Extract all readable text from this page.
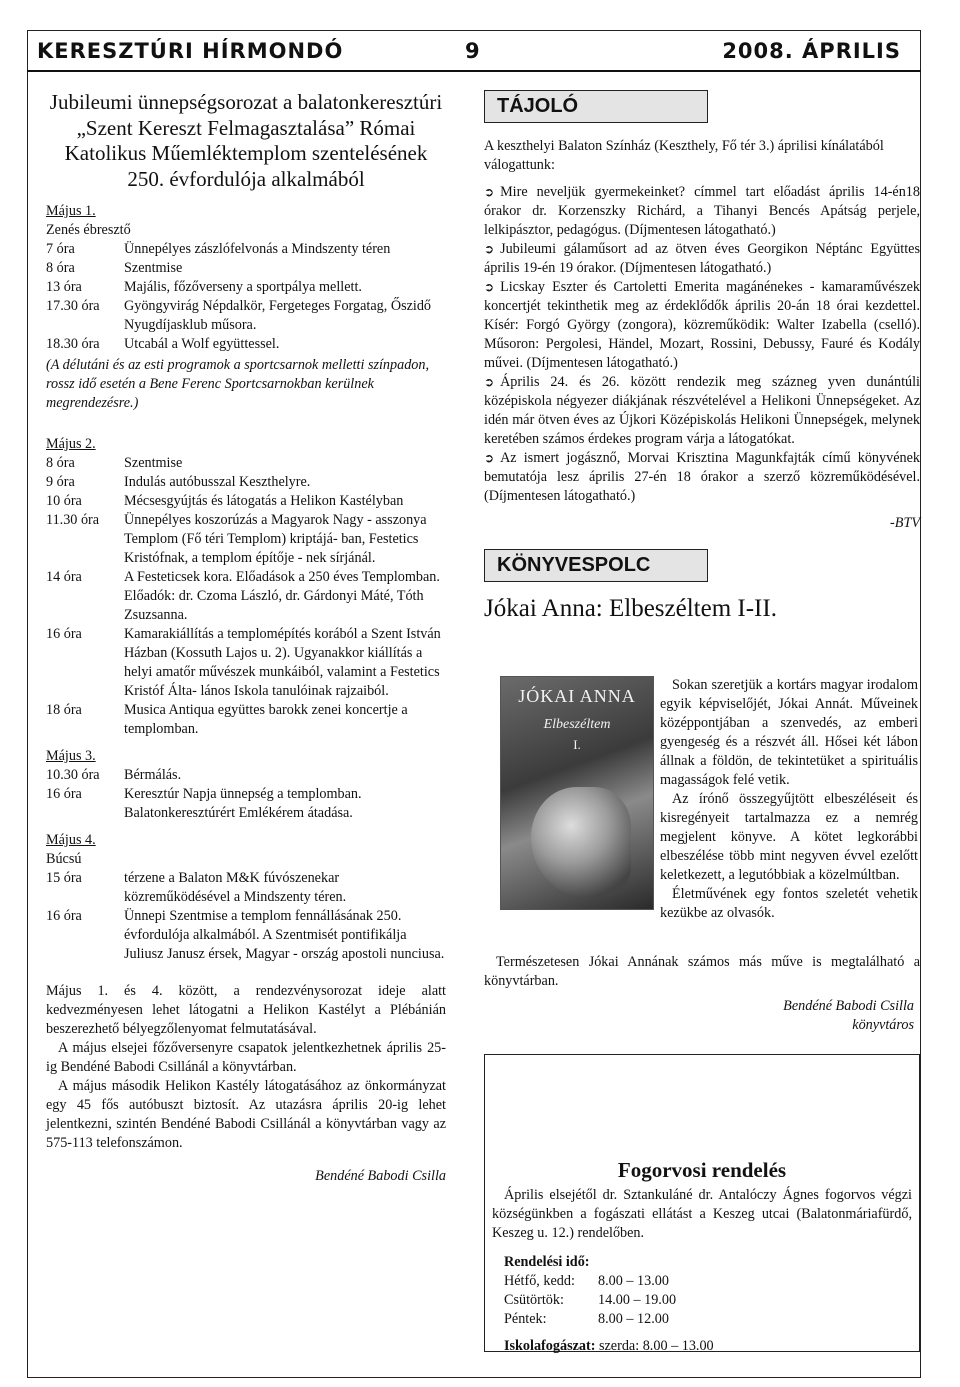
KERESZTÚRI HÍRMONDÓ	9	2008. ÁPRILIS
Jubileumi ünnepségsorozat a balatonkeresztúri „Szent Kereszt Felmagasztalása” Római Katolikus Műemléktemplom szentelésének 250. évfordulója alkalmából
Május 1.
Zenés ébresztő
7 óra	Ünnepélyes zászlófelvonás a Mindszenty téren
8 óra	Szentmise
13 óra	Majális, főzőverseny a sportpálya mellett.
17.30 óra	Gyöngyvirág Népdalkör, Fergeteges Forgatag, Őszidő Nyugdíjasklub műsora.
18.30 óra	Utcabál a Wolf együttessel.

(A délutáni és az esti programok a sportcsarnok melletti színpadon, rossz idő esetén a Bene Ferenc Sportcsarnokban kerülnek megrendezésre.)

Május 2.
8 óra	Szentmise
9 óra	Indulás autóbusszal Keszthelyre.
10 óra	Mécsesgyújtás és látogatás a Helikon Kastélyban
11.30 óra	Ünnepélyes koszorúzás a Magyarok Nagy - asszonya Templom (Fő téri Templom) kriptájá- ban, Festetics Kristófnak, a templom építője - nek sírjánál.
14 óra	A Festeticsek kora. Előadások a 250 éves Templomban. Előadók: dr. Czoma László, dr. Gárdonyi Máté, Tóth Zsuzsanna.
16 óra	Kamarakiállítás a templomépítés korából a Szent István Házban (Kossuth Lajos u. 2). Ugyanakkor kiállítás a helyi amatőr művészek munkáiból, valamint a Festetics Kristóf Álta- lános Iskola tanulóinak rajzaiból.
18 óra	Musica Antiqua együttes barokk zenei koncertje a templomban.
Május 3.
10.30 óra	Bérmálás.
16 óra	Keresztúr Napja ünnepség a templomban. Balatonkeresztúrért Emlékérem átadása.
Május 4.
Búcsú
15 óra	térzene a Balaton M&K fúvószenekar közreműködésével a Mindszenty téren.
16 óra	Ünnepi Szentmise a templom fennállásának 250. évfordulója alkalmából. A Szentmisét pontifikálja Juliusz Janusz érsek, Magyar - ország apostoli nunciusa.

Május 1. és 4. között, a rendezvénysorozat ideje alatt kedvezményesen lehet látogatni a Helikon Kastélyt a Plébánián beszerezhető bélyegzőlenyomat felmutatásával.

A május elsejei főzőversenyre csapatok jelentkezhetnek április 25-ig Bendéné Babodi Csillánál a könyvtárban.

A május második Helikon Kastély látogatásához az önkormányzat egy 45 fős autóbuszt biztosít. Az utazásra április 20-ig lehet jelentkezni, szintén Bendéné Babodi Csillánál a könyvtárban vagy az 575-113 telefonszámon.

Bendéné Babodi Csilla

TÁJOLÓ

A keszthelyi Balaton Színház (Keszthely, Fő tér 3.) áprilisi kínálatából válogattunk:

➲ Mire neveljük gyermekeinket? címmel tart előadást április 14-én18 órakor dr. Korzenszky Richárd, a Tihanyi Bencés Apátság perjele, lelkipásztor, pedagógus. (Díjmentesen látogatható.)

➲ Jubileumi gálaműsort ad az ötven éves Georgikon Néptánc Együttes április 19-én 19 órakor. (Díjmentesen látogatható.)

➲ Licskay Eszter és Cartoletti Emerita magánénekes - kamaraművészek koncertjét tekinthetik meg az érdeklődők április 20-án 18 órai kezdettel. Kísér: Forgó György (zongora), közreműködik: Walter Izabella (cselló). Műsoron: Pergolesi, Händel, Mozart, Rossini, Debussy, Fauré és Kodály művei. (Díjmentesen látogatható.)

➲ Április 24. és 26. között rendezik meg százneg yven dunántúli középiskola négyezer diákjának részvételével a Helikoni Ünnepségeket. Az idén már ötven éves az Újkori Középiskolás Helikoni Ünnepségek, melynek keretében számos érdekes program várja a látogatókat.

➲ Az ismert jogásznő, Morvai Krisztina Magunkfajták című könyvének bemutatója lesz április 27-én 18 órakor a szerző közreműködésével. (Díjmentesen látogatható.)

-BTV

KÖNYVESPOLC
Jókai Anna: Elbeszéltem I-II.
JÓKAI ANNA
Elbeszéltem
I.

Sokan szeretjük a kortárs magyar irodalom egyik képviselőjét, Jókai Annát. Műveinek középpontjában a szenvedés, az emberi gyengeség és a részvét áll. Hősei két lábon állnak a földön, de tekintetüket a spirituális magasságok felé vetik.

Az írónő összegyűjtött elbeszéléseit és kisregényeit tartalmazza ez a nemrég megjelent könyve. A kötet legkorábbi elbeszélése több mint negyven évvel ezelőtt keletkezett, a legutóbbiak a közelmúltban.

Életművének egy fontos szeletét vehetik kezükbe az olvasók.

Természetesen Jókai Annának számos más műve is megtalálható a könyvtárban.

Bendéné Babodi Csilla

könyvtáros

Fogorvosi rendelés

Április elsejétől dr. Sztankuláné dr. Antalóczy Ágnes fogorvos végzi községünkben a fogászati ellátást a Keszeg utcai (Balatonmáriafürdő, Keszeg u. 12.) rendelőben.

Rendelési idő:
Hétfő, kedd:	8.00 – 13.00
Csütörtök:	14.00 – 19.00
Péntek:	8.00 – 12.00
Iskolafogászat: szerda: 8.00 – 13.00
